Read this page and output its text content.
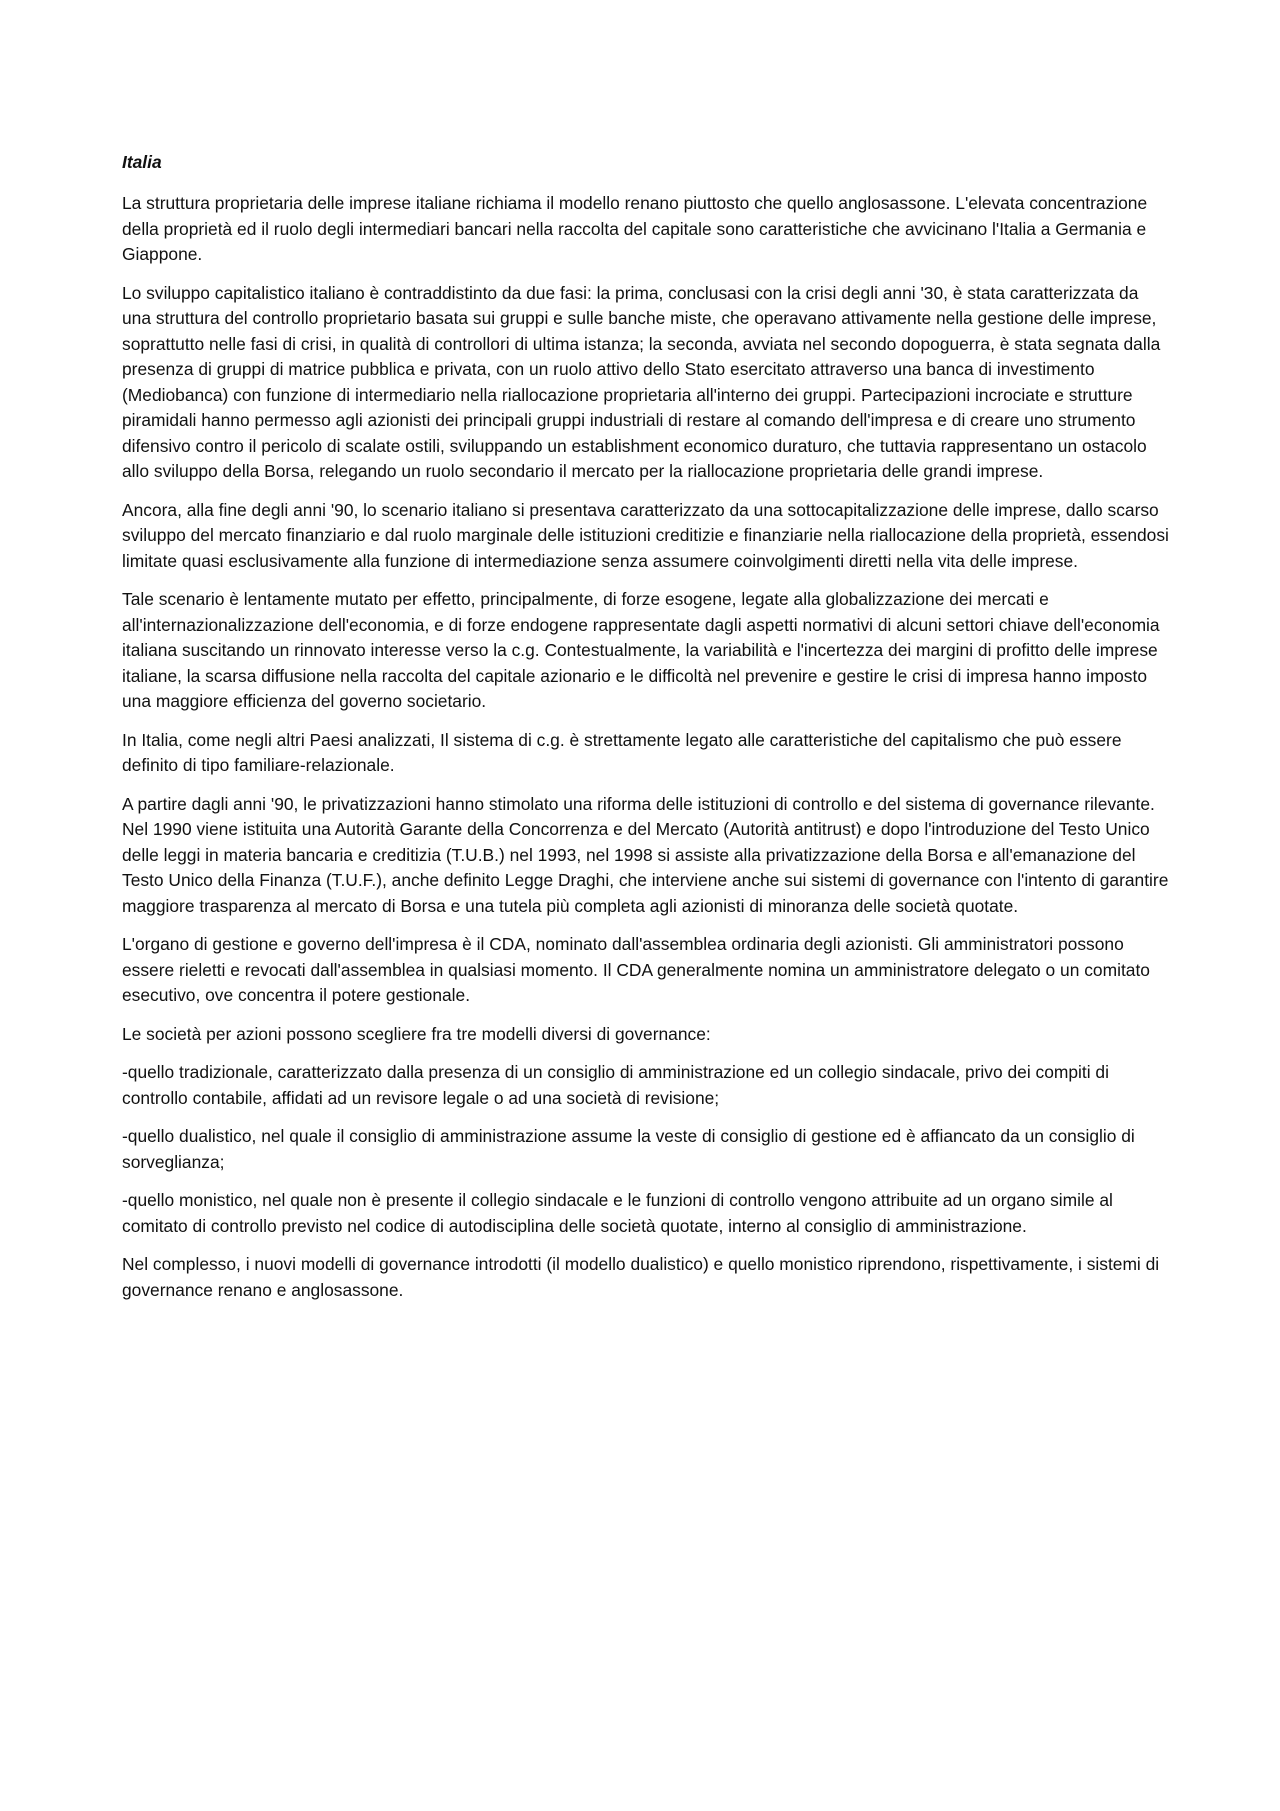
Italia

La struttura proprietaria delle imprese italiane richiama il modello renano piuttosto che quello anglosassone. L'elevata concentrazione della proprietà ed il ruolo degli intermediari bancari nella raccolta del capitale sono caratteristiche che avvicinano l'Italia a Germania e Giappone.

Lo sviluppo capitalistico italiano è contraddistinto da due fasi: la prima, conclusasi con la crisi degli anni '30, è stata caratterizzata da una struttura del controllo proprietario basata sui gruppi e sulle banche miste, che operavano attivamente nella gestione delle imprese, soprattutto nelle fasi di crisi, in qualità di controllori di ultima istanza; la seconda, avviata nel secondo dopoguerra, è stata segnata dalla presenza di gruppi di matrice pubblica e privata, con un ruolo attivo dello Stato esercitato attraverso una banca di investimento (Mediobanca) con funzione di intermediario nella riallocazione proprietaria all'interno dei gruppi. Partecipazioni incrociate e strutture piramidali hanno permesso agli azionisti dei principali gruppi industriali di restare al comando dell'impresa e di creare uno strumento difensivo contro il pericolo di scalate ostili, sviluppando un establishment economico duraturo, che tuttavia rappresentano un ostacolo allo sviluppo della Borsa, relegando un ruolo secondario il mercato per la riallocazione proprietaria delle grandi imprese.

Ancora, alla fine degli anni '90, lo scenario italiano si presentava caratterizzato da una sottocapitalizzazione delle imprese, dallo scarso sviluppo del mercato finanziario e dal ruolo marginale delle istituzioni creditizie e finanziarie nella riallocazione della proprietà, essendosi limitate quasi esclusivamente alla funzione di intermediazione senza assumere coinvolgimenti diretti nella vita delle imprese.

Tale scenario è lentamente mutato per effetto, principalmente, di forze esogene, legate alla globalizzazione dei mercati e all'internazionalizzazione dell'economia, e di forze endogene rappresentate dagli aspetti normativi di alcuni settori chiave dell'economia italiana suscitando un rinnovato interesse verso la c.g. Contestualmente, la variabilità e l'incertezza dei margini di profitto delle imprese italiane, la scarsa diffusione nella raccolta del capitale azionario e le difficoltà nel prevenire e gestire le crisi di impresa hanno imposto una maggiore efficienza del governo societario.

In Italia, come negli altri Paesi analizzati, Il sistema di c.g. è strettamente legato alle caratteristiche del capitalismo che può essere definito di tipo familiare-relazionale.

A partire dagli anni '90, le privatizzazioni hanno stimolato una riforma delle istituzioni di controllo e del sistema di governance rilevante. Nel 1990 viene istituita una Autorità Garante della Concorrenza e del Mercato (Autorità antitrust) e dopo l'introduzione del Testo Unico delle leggi in materia bancaria e creditizia (T.U.B.) nel 1993, nel 1998 si assiste alla privatizzazione della Borsa e all'emanazione del Testo Unico della Finanza (T.U.F.), anche definito Legge Draghi, che interviene anche sui sistemi di governance con l'intento di garantire maggiore trasparenza al mercato di Borsa e una tutela più completa agli azionisti di minoranza delle società quotate.

L'organo di gestione e governo dell'impresa è il CDA, nominato dall'assemblea ordinaria degli azionisti. Gli amministratori possono essere rieletti e revocati dall'assemblea in qualsiasi momento. Il CDA generalmente nomina un amministratore delegato o un comitato esecutivo, ove concentra il potere gestionale.

Le società per azioni possono scegliere fra tre modelli diversi di governance:

-quello tradizionale, caratterizzato dalla presenza di un consiglio di amministrazione ed un collegio sindacale, privo dei compiti di controllo contabile, affidati ad un revisore legale o ad una società di revisione;

-quello dualistico, nel quale il consiglio di amministrazione assume la veste di consiglio di gestione ed è affiancato da un consiglio di sorveglianza;

-quello monistico, nel quale non è presente il collegio sindacale e le funzioni di controllo vengono attribuite ad un organo simile al comitato di controllo previsto nel codice di autodisciplina delle società quotate, interno al consiglio di amministrazione.

Nel complesso, i nuovi modelli di governance introdotti (il modello dualistico) e quello monistico riprendono, rispettivamente, i sistemi di governance renano e anglosassone.
